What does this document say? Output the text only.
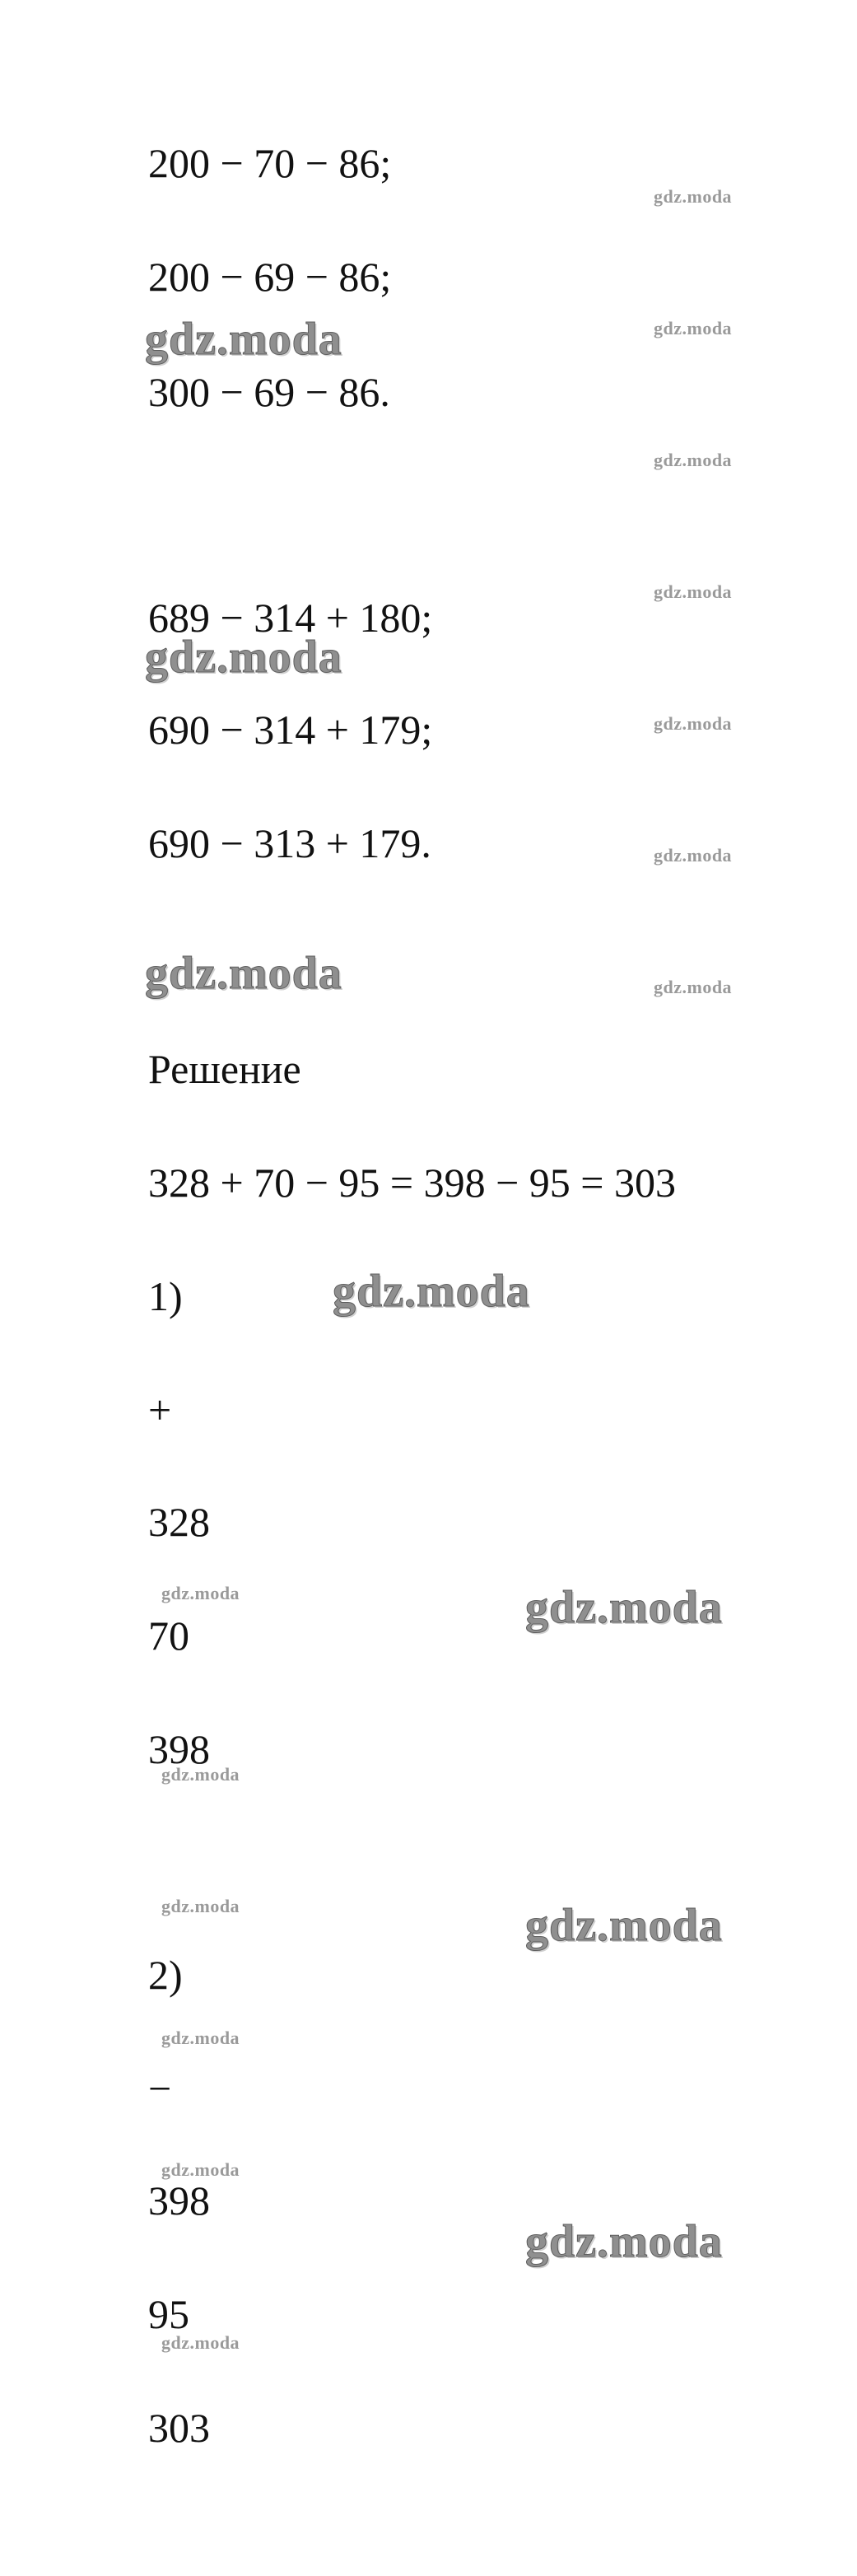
200 − 70 − 86;
200 − 69 − 86;
300 − 69 − 86.
689 − 314 + 180;
690 − 314 + 179;
690 − 313 + 179.
Решение
328 + 70 − 95 = 398 − 95 = 303
1)
+
328
70
398
2)
−
398
95
303
gdz.moda
gdz.moda
gdz.moda
gdz.moda
gdz.moda
gdz.moda
gdz.moda
gdz.moda
gdz.moda
gdz.moda
gdz.moda
gdz.moda
gdz.moda
gdz.moda
gdz.moda
gdz.moda
gdz.moda
gdz.moda
gdz.moda
gdz.moda
